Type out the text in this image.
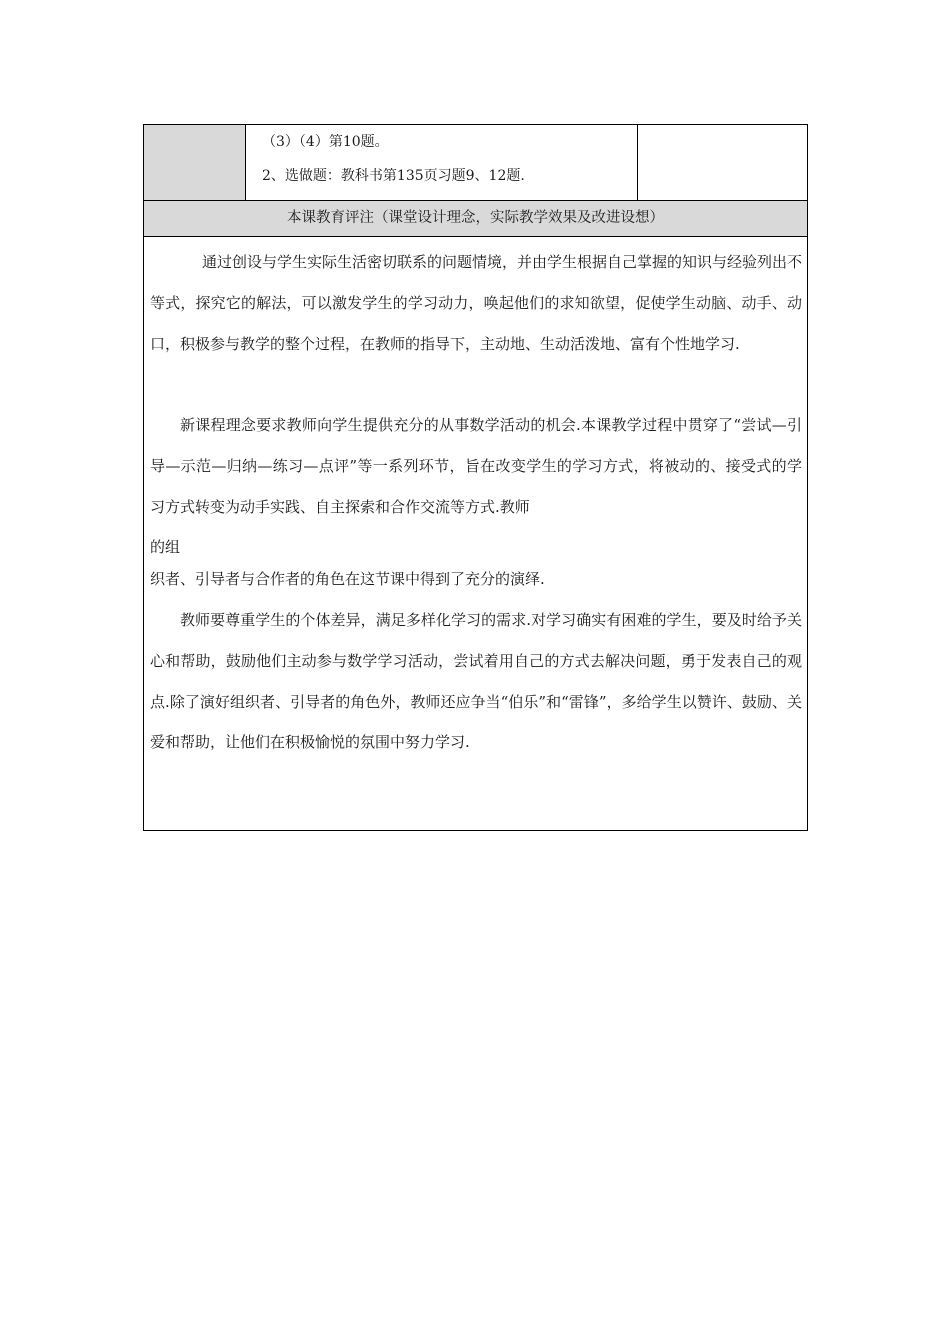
（3）（4）第10题。
2、选做题：教科书第135页习题9、12题.
本课教育评注（课堂设计理念，实际教学效果及改进设想）

通过创设与学生实际生活密切联系的问题情境，并由学生根据自己掌握的知识与经验列出不等式，探究它的解法，可以激发学生的学习动力，唤起他们的求知欲望，促使学生动脑、动手、动口，积极参与教学的整个过程，在教师的指导下，主动地、生动活泼地、富有个性地学习.

新课程理念要求教师向学生提供充分的从事数学活动的机会.本课教学过程中贯穿了“尝试—引导—示范—归纳—练习—点评”等一系列环节，旨在改变学生的学习方式，将被动的、接受式的学习方式转变为动手实践、自主探索和合作交流等方式.教师

的组

织者、引导者与合作者的角色在这节课中得到了充分的演绎.

教师要尊重学生的个体差异，满足多样化学习的需求.对学习确实有困难的学生，要及时给予关心和帮助，鼓励他们主动参与数学学习活动，尝试着用自己的方式去解决问题，勇于发表自己的观点.除了演好组织者、引导者的角色外，教师还应争当“伯乐”和“雷锋”，多给学生以赞许、鼓励、关爱和帮助，让他们在积极愉悦的氛围中努力学习.
